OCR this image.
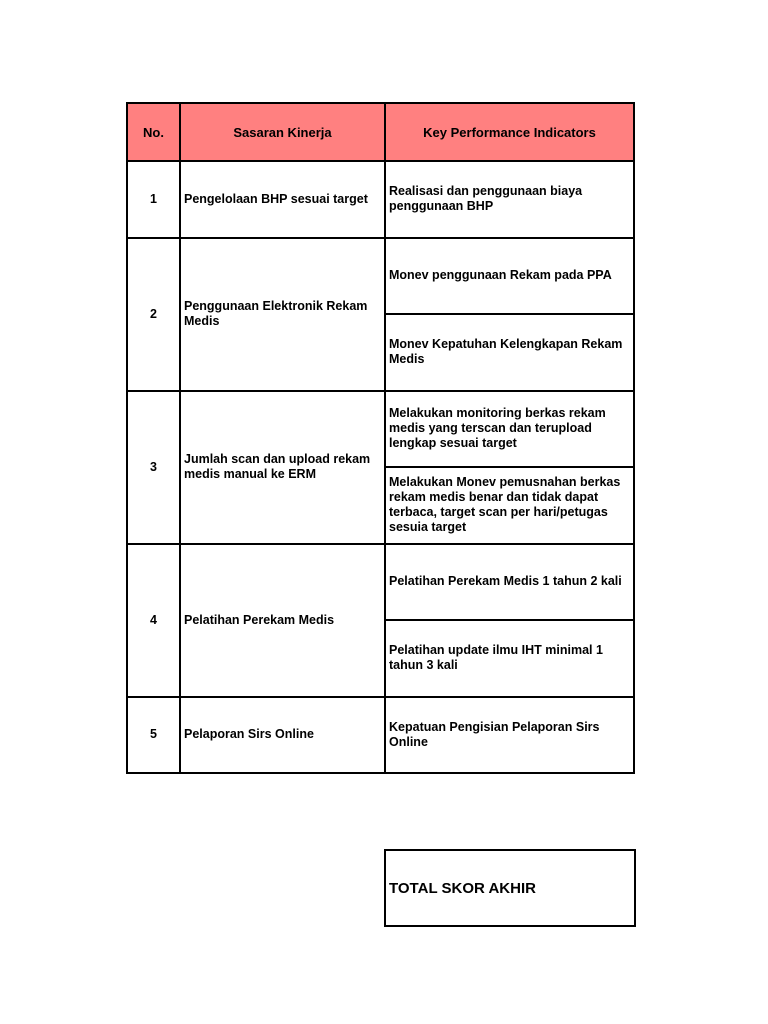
No.	Sasaran Kinerja	Key Performance Indicators
1	Pengelolaan BHP sesuai target	Realisasi dan penggunaan biaya penggunaan BHP
2	Penggunaan Elektronik Rekam Medis	Monev penggunaan Rekam pada PPA
		Monev Kepatuhan Kelengkapan Rekam Medis
3	Jumlah scan dan upload rekam medis manual ke ERM	Melakukan monitoring berkas rekam medis yang terscan dan terupload lengkap sesuai target
		Melakukan Monev pemusnahan berkas rekam medis benar dan tidak dapat terbaca, target scan per hari/petugas sesuia target
4	Pelatihan Perekam Medis	Pelatihan Perekam Medis 1 tahun 2 kali
		Pelatihan update ilmu IHT minimal 1 tahun 3 kali
5	Pelaporan Sirs Online	Kepatuan Pengisian Pelaporan Sirs Online
TOTAL SKOR AKHIR
